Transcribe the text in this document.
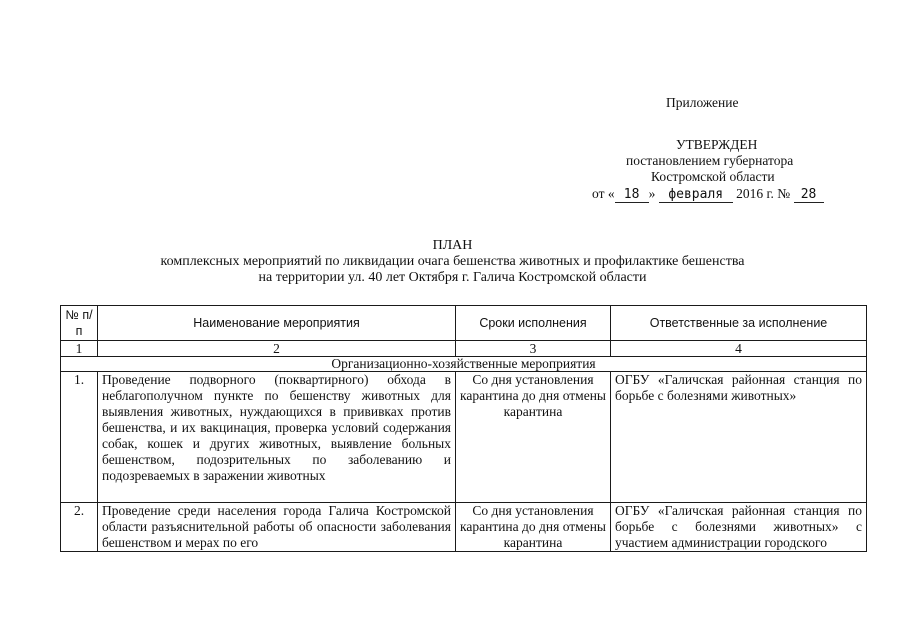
Приложение
УТВЕРЖДЕН
постановлением губернатора
Костромской области
от « 18 » февраля 2016 г. № 28
ПЛАН
комплексных мероприятий по ликвидации очага бешенства животных и профилактике бешенства
на территории ул. 40 лет Октября г. Галича Костромской области
№ п/п	Наименование мероприятия	Сроки исполнения	Ответственные за исполнение
1	2	3	4
Организационно-хозяйственные мероприятия			
1.	Проведение подворного (поквартирного) обхода в неблагополучном пункте по бешенству животных для выявления животных, нуждающихся в прививках против бешенства, и их вакцинация, проверка условий содержания собак, кошек и других животных, выявление больных бешенством, подозрительных по заболеванию и подозреваемых в заражении животных	Со дня установления карантина до дня отмены карантина	ОГБУ «Галичская районная станция по борьбе с болезнями животных»

2.	Проведение среди населения города Галича Костромской области разъяснительной работы об опасности заболевания бешенством и мерах по его	Со дня установления карантина до дня отмены карантина	ОГБУ «Галичская районная станция по борьбе с болезнями животных» с участием администрации городского
